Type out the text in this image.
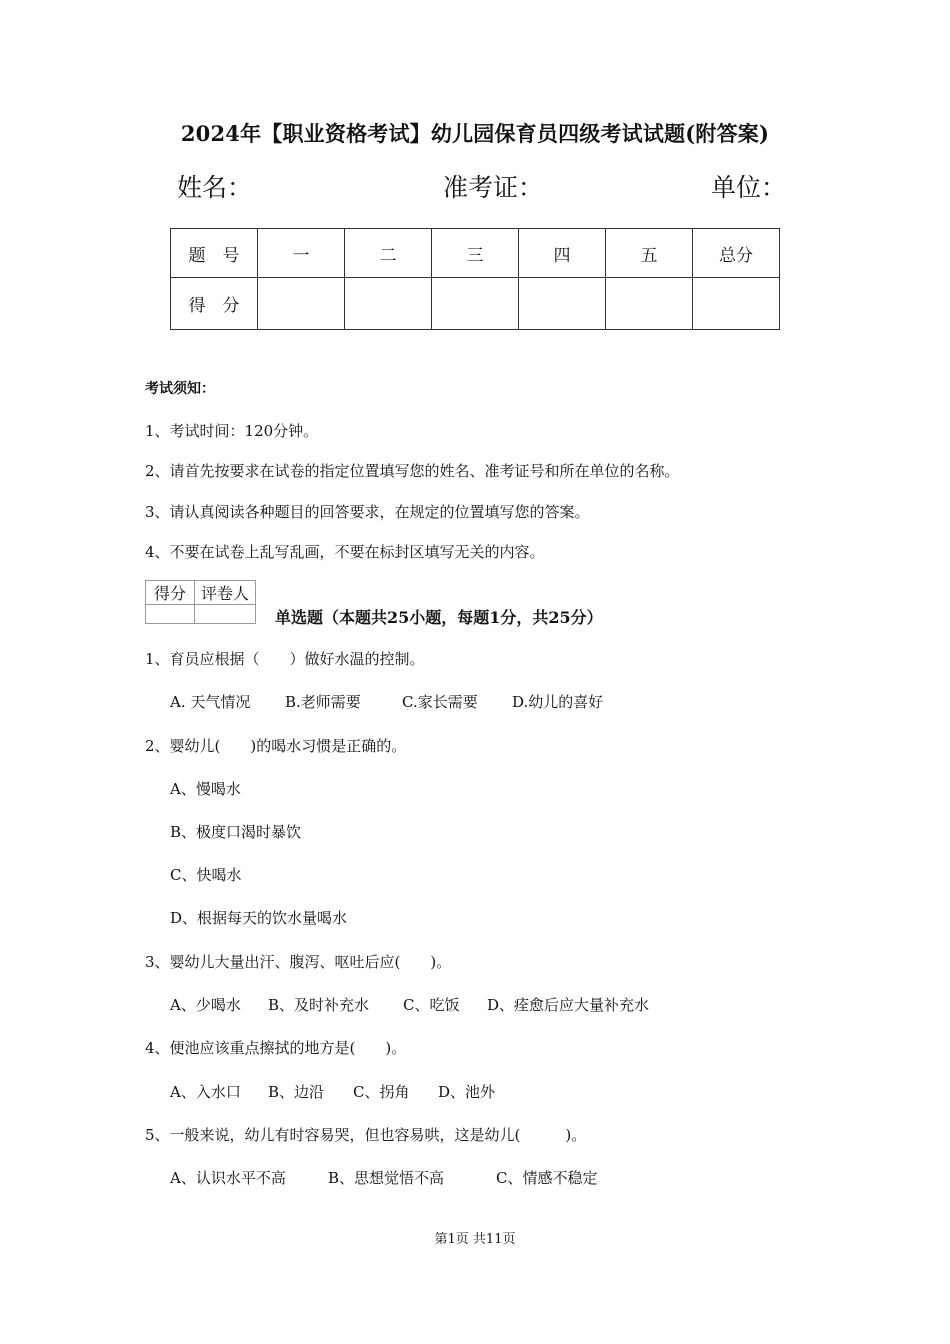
2024年【职业资格考试】幼儿园保育员四级考试试题(附答案)
姓名：	准考证：	单位：
题　号	一	二	三	四	五	总分
得　分						
考试须知：
1、考试时间：120分钟。
2、请首先按要求在试卷的指定位置填写您的姓名、准考证号和所在单位的名称。
3、请认真阅读各种题目的回答要求，在规定的位置填写您的答案。
4、不要在试卷上乱写乱画，不要在标封区填写无关的内容。
得分	评卷人

单选题（本题共25小题，每题1分，共25分）
1、育员应根据（　　）做好水温的控制。
A. 天气情况 B.老师需要	C.家长需要 D.幼儿的喜好
2、婴幼儿(　　)的喝水习惯是正确的。
A、慢喝水
B、极度口渴时暴饮
C、快喝水
D、根据每天的饮水量喝水
3、婴幼儿大量出汗、腹泻、呕吐后应(　　)。
A、少喝水 B、及时补充水 C、吃饭 D、痊愈后应大量补充水
4、便池应该重点擦拭的地方是(　　)。
A、入水口 B、边沿 C、拐角 D、池外
5、一般来说，幼儿有时容易哭，但也容易哄，这是幼儿(　　　)。
A、认识水平不高	B、思想觉悟不高	C、情感不稳定
第1页 共11页
